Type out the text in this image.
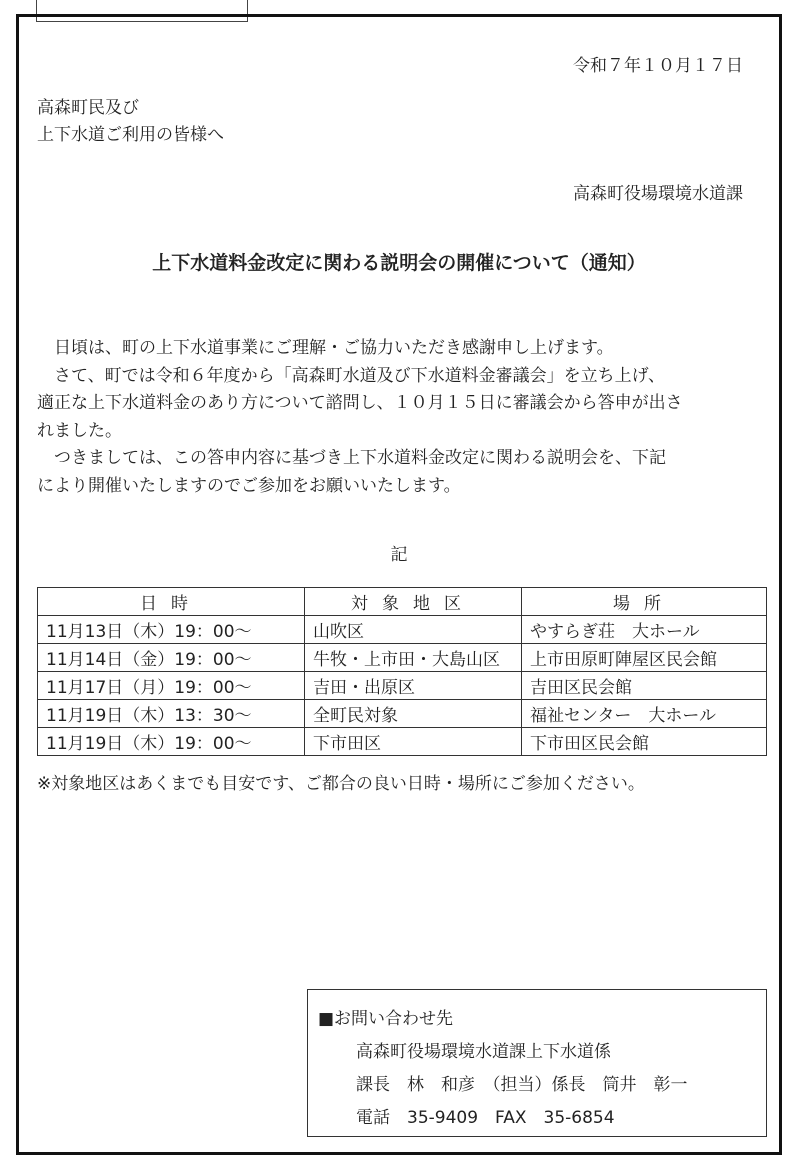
令和７年１０月１７日
高森町民及び
上下水道ご利用の皆様へ
高森町役場環境水道課
上下水道料金改定に関わる説明会の開催について（通知）
　日頃は、町の上下水道事業にご理解・ご協力いただき感謝申し上げます。
　さて、町では令和６年度から「高森町水道及び下水道料金審議会」を立ち上げ、
適正な上下水道料金のあり方について諮問し、１０月１５日に審議会から答申が出さ
れました。
　つきましては、この答申内容に基づき上下水道料金改定に関わる説明会を、下記
により開催いたしますのでご参加をお願いいたします。
記
日時	対象地区	場所
11月13日（木）19：00～	山吹区	やすらぎ荘　大ホール
11月14日（金）19：00～	牛牧・上市田・大島山区	上市田原町陣屋区民会館
11月17日（月）19：00～	吉田・出原区	吉田区民会館
11月19日（木）13：30～	全町民対象	福祉センター　大ホール
11月19日（木）19：00～	下市田区	下市田区民会館
※対象地区はあくまでも目安です、ご都合の良い日時・場所にご参加ください。
■お問い合わせ先
高森町役場環境水道課上下水道係
課長　林　和彦　（担当）係長　筒井　彰一
電話　35-9409　FAX　35-6854
